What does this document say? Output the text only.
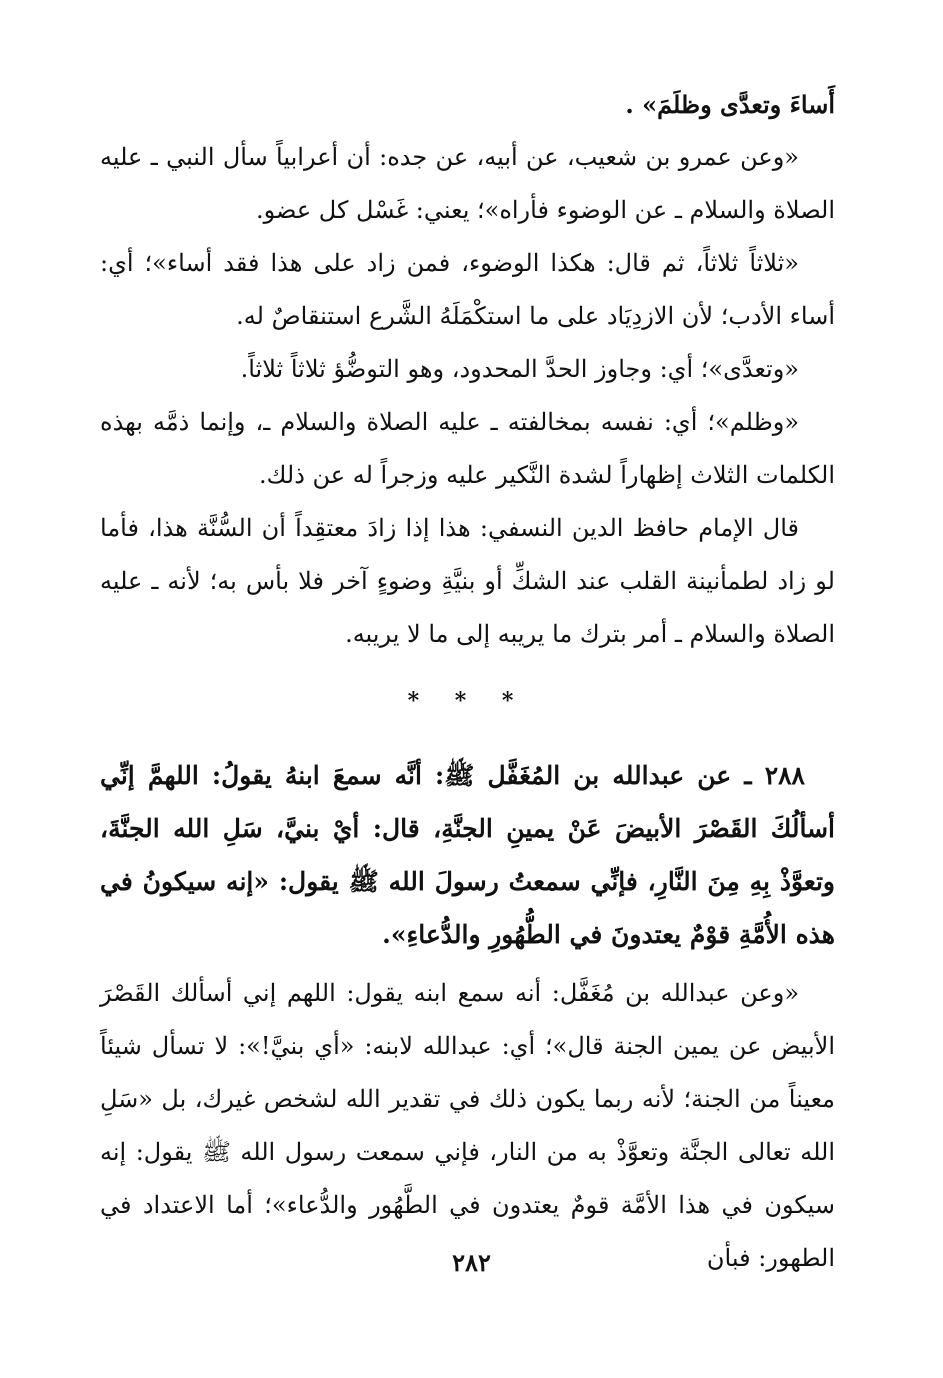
أَساءَ وتعدَّى وظلَمَ» .

«وعن عمرو بن شعيب، عن أبيه، عن جده: أن أعرابياً سأل النبي ـ عليه الصلاة والسلام ـ عن الوضوء فأراه»؛ يعني: غَسْل كل عضو.

«ثلاثاً ثلاثاً، ثم قال: هكذا الوضوء، فمن زاد على هذا فقد أساء»؛ أي: أساء الأدب؛ لأن الازدِيَاد على ما استكْمَلَهُ الشَّرع استنقاصٌ له.

«وتعدَّى»؛ أي: وجاوز الحدَّ المحدود، وهو التوضُّؤ ثلاثاً ثلاثاً.

«وظلم»؛ أي: نفسه بمخالفته ـ عليه الصلاة والسلام ـ، وإنما ذمَّه بهذه الكلمات الثلاث إظهاراً لشدة النَّكير عليه وزجراً له عن ذلك.

قال الإمام حافظ الدين النسفي: هذا إذا زادَ معتقِداً أن السُّنَّة هذا، فأما لو زاد لطمأنينة القلب عند الشكِّ أو بنيَّةِ وضوءٍ آخر فلا بأس به؛ لأنه ـ عليه الصلاة والسلام ـ أمر بترك ما يريبه إلى ما لا يريبه.

* * *

٢٨٨ ـ عن عبدالله بن المُغَفَّل ﷺ: أنَّه سمعَ ابنهُ يقولُ: اللهمَّ إنِّي أسألُكَ القَصْرَ الأبيضَ عَنْ يمينِ الجنَّةِ، قال: أيْ بنيَّ، سَلِ الله الجنَّةَ، وتعوَّذْ بِهِ مِنَ النَّارِ، فإنِّي سمعتُ رسولَ الله ﷺ يقول: «إنه سيكونُ في هذه الأُمَّةِ قوْمٌ يعتدونَ في الطُّهُورِ والدُّعاءِ».

«وعن عبدالله بن مُغَفَّل: أنه سمع ابنه يقول: اللهم إني أسألك القَصْرَ الأبيض عن يمين الجنة قال»؛ أي: عبدالله لابنه: «أي بنيَّ!»: لا تسأل شيئاً معيناً من الجنة؛ لأنه ربما يكون ذلك في تقدير الله لشخص غيرك، بل «سَلِ الله تعالى الجنَّة وتعوَّذْ به من النار، فإني سمعت رسول الله ﷺ يقول: إنه سيكون في هذا الأمَّة قومٌ يعتدون في الطَّهُور والدُّعاء»؛ أما الاعتداد في الطهور: فبأن

٢٨٢
